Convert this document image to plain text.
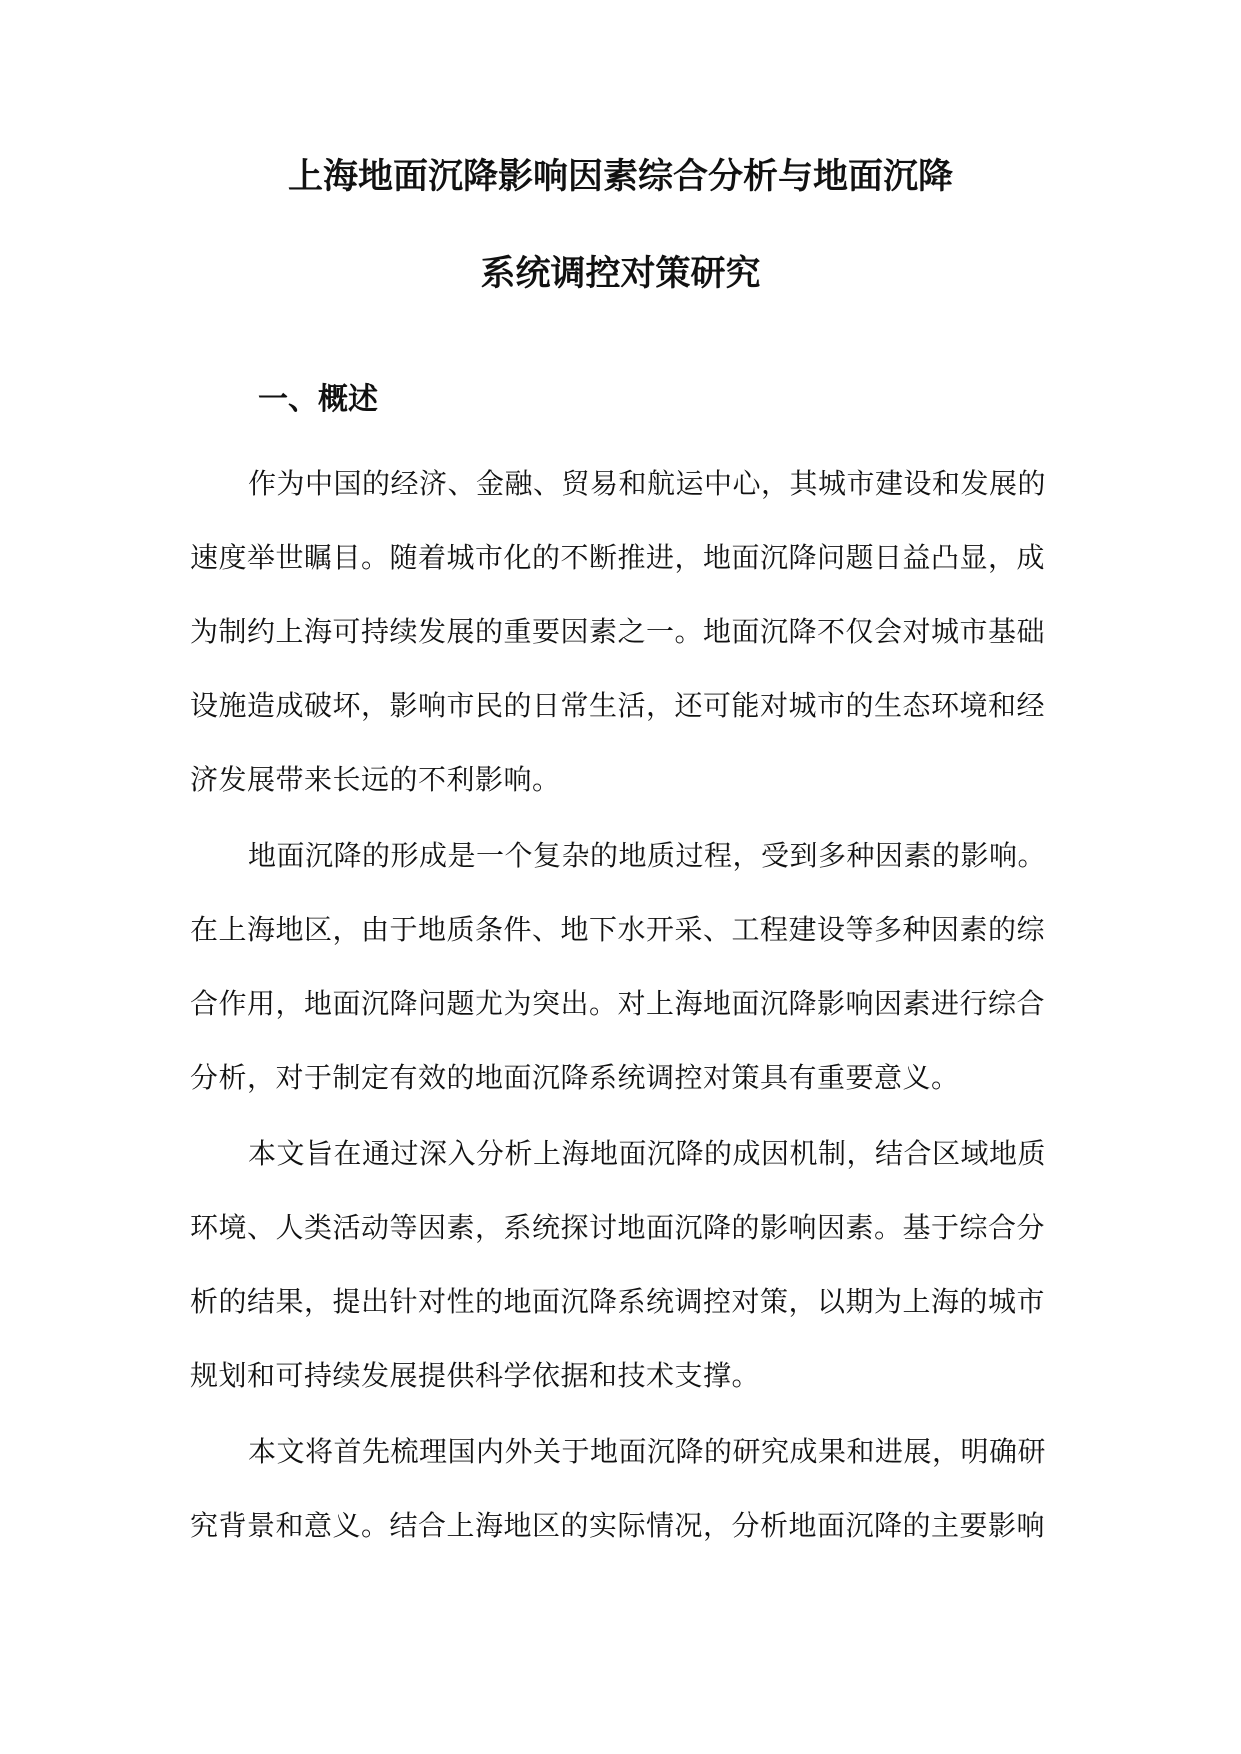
上海地面沉降影响因素综合分析与地面沉降
系统调控对策研究
一、概述

作为中国的经济、金融、贸易和航运中心，其城市建设和发展的

速度举世瞩目。随着城市化的不断推进，地面沉降问题日益凸显，成

为制约上海可持续发展的重要因素之一。地面沉降不仅会对城市基础

设施造成破坏，影响市民的日常生活，还可能对城市的生态环境和经

济发展带来长远的不利影响。

地面沉降的形成是一个复杂的地质过程，受到多种因素的影响。

在上海地区，由于地质条件、地下水开采、工程建设等多种因素的综

合作用，地面沉降问题尤为突出。对上海地面沉降影响因素进行综合

分析，对于制定有效的地面沉降系统调控对策具有重要意义。

本文旨在通过深入分析上海地面沉降的成因机制，结合区域地质

环境、人类活动等因素，系统探讨地面沉降的影响因素。基于综合分

析的结果，提出针对性的地面沉降系统调控对策，以期为上海的城市

规划和可持续发展提供科学依据和技术支撑。

本文将首先梳理国内外关于地面沉降的研究成果和进展，明确研

究背景和意义。结合上海地区的实际情况，分析地面沉降的主要影响
